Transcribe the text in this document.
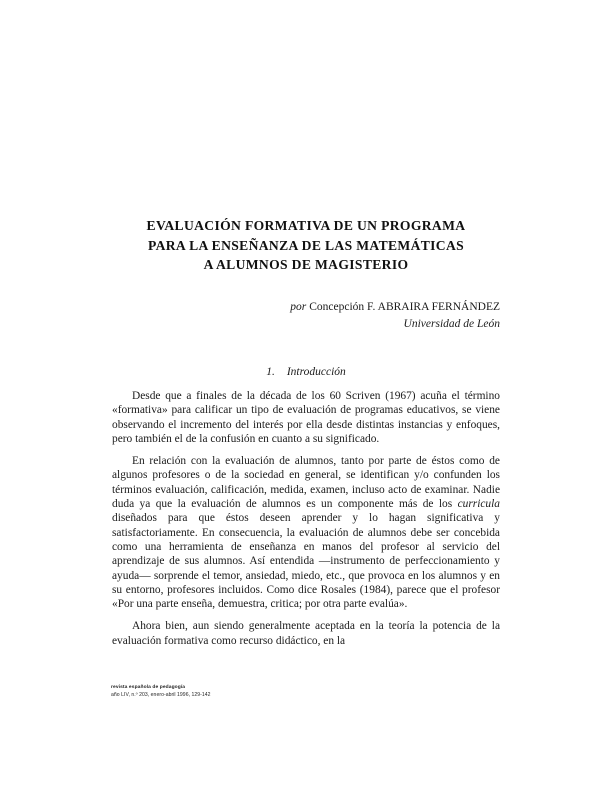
EVALUACIÓN FORMATIVA DE UN PROGRAMA
PARA LA ENSEÑANZA DE LAS MATEMÁTICAS
A ALUMNOS DE MAGISTERIO
por Concepción F. ABRAIRA FERNÁNDEZ
Universidad de León
1. Introducción

Desde que a finales de la década de los 60 Scriven (1967) acuña el término «formativa» para calificar un tipo de evaluación de programas educativos, se viene observando el incremento del interés por ella desde distintas instancias y enfoques, pero también el de la confusión en cuanto a su significado.

En relación con la evaluación de alumnos, tanto por parte de éstos como de algunos profesores o de la sociedad en general, se identifican y/o confunden los términos evaluación, calificación, medida, examen, incluso acto de examinar. Nadie duda ya que la evaluación de alumnos es un componente más de los curricula diseñados para que éstos deseen aprender y lo hagan significativa y satisfactoriamente. En consecuencia, la evaluación de alumnos debe ser concebida como una herramienta de enseñanza en manos del profesor al servicio del aprendizaje de sus alumnos. Así entendida —instrumento de perfeccionamiento y ayuda— sorprende el temor, ansiedad, miedo, etc., que provoca en los alumnos y en su entorno, profesores incluidos. Como dice Rosales (1984), parece que el profesor «Por una parte enseña, demuestra, critica; por otra parte evalúa».

Ahora bien, aun siendo generalmente aceptada en la teoría la potencia de la evaluación formativa como recurso didáctico, en la

revista española de pedagogía
año LIV, n.º 203, enero-abril 1996, 129-142
